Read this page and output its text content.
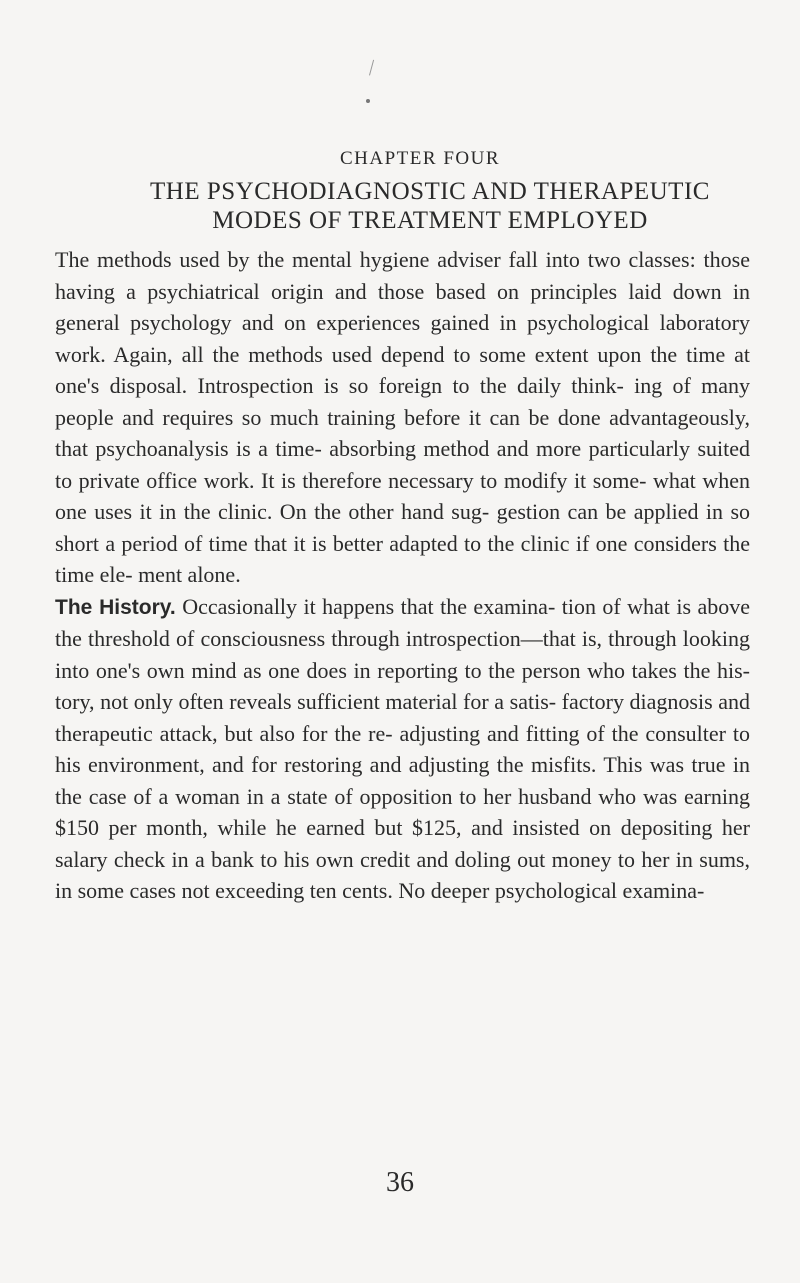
CHAPTER FOUR
THE PSYCHODIAGNOSTIC AND THERAPEUTIC
MODES OF TREATMENT EMPLOYED

The methods used by the mental hygiene adviser fall into two classes: those having a psychiatrical origin and those based on principles laid down in general psychology and on experiences gained in psychological laboratory work. Again, all the methods used depend to some extent upon the time at one's disposal. Introspection is so foreign to the daily think- ing of many people and requires so much training before it can be done advantageously, that psychoanalysis is a time- absorbing method and more particularly suited to private office work. It is therefore necessary to modify it some- what when one uses it in the clinic. On the other hand sug- gestion can be applied in so short a period of time that it is better adapted to the clinic if one considers the time ele- ment alone.

The History. Occasionally it happens that the examina- tion of what is above the threshold of consciousness through introspection—that is, through looking into one's own mind as one does in reporting to the person who takes the his- tory, not only often reveals sufficient material for a satis- factory diagnosis and therapeutic attack, but also for the re- adjusting and fitting of the consulter to his environment, and for restoring and adjusting the misfits. This was true in the case of a woman in a state of opposition to her husband who was earning $150 per month, while he earned but $125, and insisted on depositing her salary check in a bank to his own credit and doling out money to her in sums, in some cases not exceeding ten cents. No deeper psychological examina-

36
